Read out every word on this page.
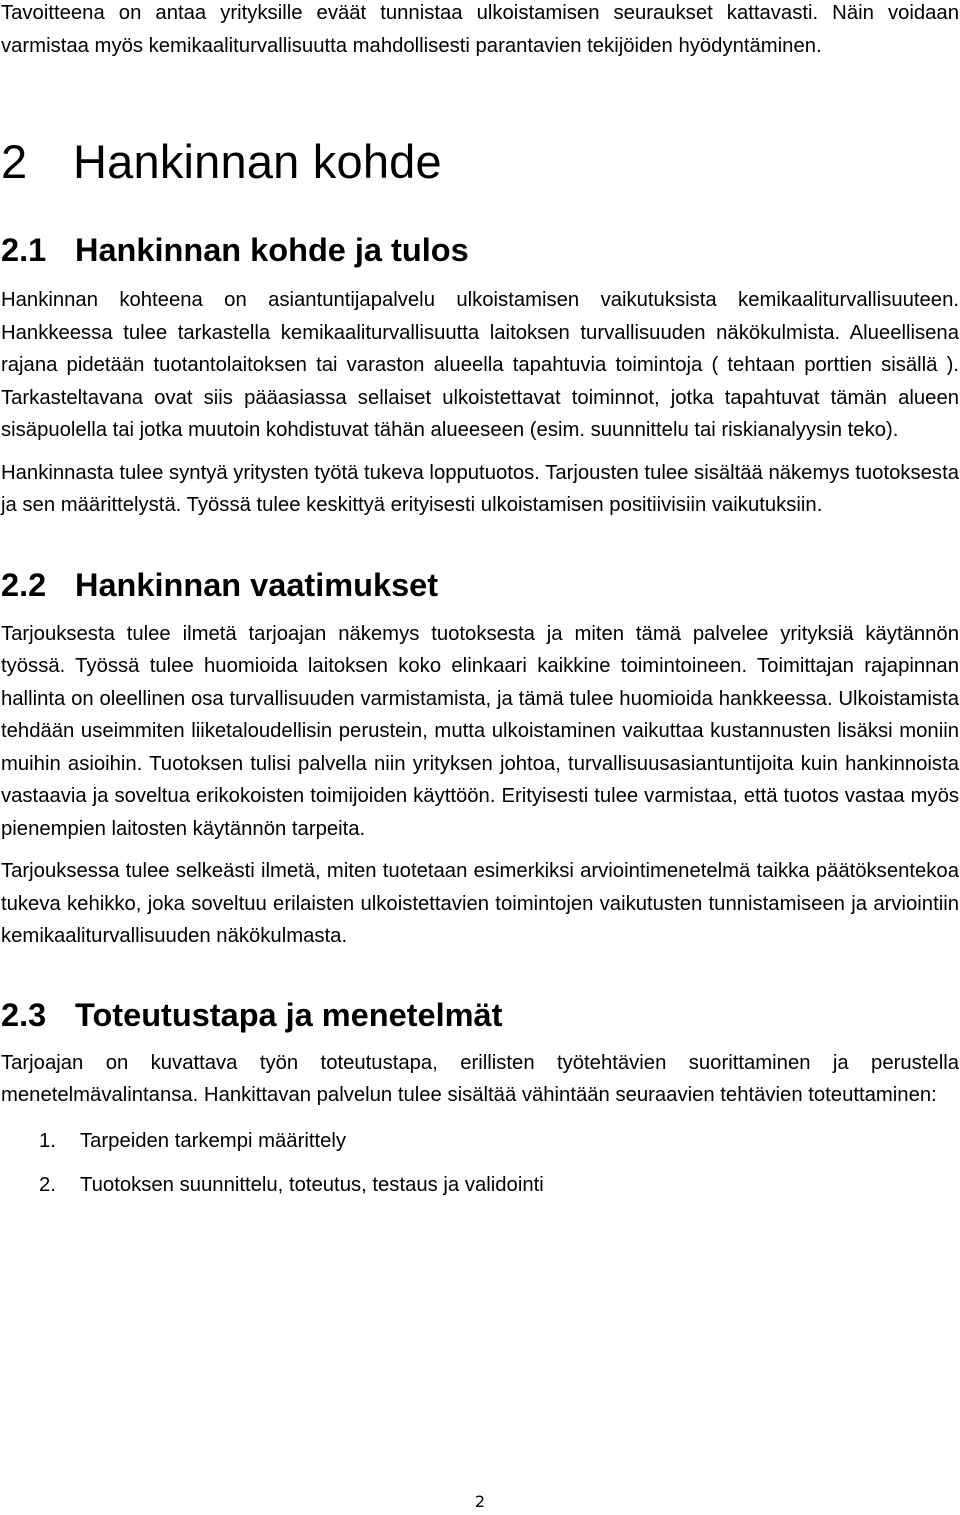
Tavoitteena on antaa yrityksille eväät tunnistaa ulkoistamisen seuraukset kattavasti. Näin voidaan varmistaa myös kemikaaliturvallisuutta mahdollisesti parantavien tekijöiden hyödyntäminen.

2 Hankinnan kohde
2.1 Hankinnan kohde ja tulos

Hankinnan kohteena on asiantuntijapalvelu ulkoistamisen vaikutuksista kemikaaliturvallisuuteen. Hankkeessa tulee tarkastella kemikaaliturvallisuutta laitoksen turvallisuuden näkökulmista. Alueellisena rajana pidetään tuotantolaitoksen tai varaston alueella tapahtuvia toimintoja ( tehtaan porttien sisällä ). Tarkasteltavana ovat siis pääasiassa sellaiset ulkoistettavat toiminnot, jotka tapahtuvat tämän alueen sisäpuolella tai jotka muutoin kohdistuvat tähän alueeseen (esim. suunnittelu tai riskianalyysin teko).

Hankinnasta tulee syntyä yritysten työtä tukeva lopputuotos. Tarjousten tulee sisältää näkemys tuotoksesta ja sen määrittelystä. Työssä tulee keskittyä erityisesti ulkoistamisen positiivisiin vaikutuksiin.

2.2 Hankinnan vaatimukset

Tarjouksesta tulee ilmetä tarjoajan näkemys tuotoksesta ja miten tämä palvelee yrityksiä käytännön työssä. Työssä tulee huomioida laitoksen koko elinkaari kaikkine toimintoineen. Toimittajan rajapinnan hallinta on oleellinen osa turvallisuuden varmistamista, ja tämä tulee huomioida hankkeessa. Ulkoistamista tehdään useimmiten liiketaloudellisin perustein, mutta ulkoistaminen vaikuttaa kustannusten lisäksi moniin muihin asioihin. Tuotoksen tulisi palvella niin yrityksen johtoa, turvallisuusasiantuntijoita kuin hankinnoista vastaavia ja soveltua erikokoisten toimijoiden käyttöön. Erityisesti tulee varmistaa, että tuotos vastaa myös pienempien laitosten käytännön tarpeita.

Tarjouksessa tulee selkeästi ilmetä, miten tuotetaan esimerkiksi arviointimenetelmä taikka päätöksentekoa tukeva kehikko, joka soveltuu erilaisten ulkoistettavien toimintojen vaikutusten tunnistamiseen ja arviointiin kemikaaliturvallisuuden näkökulmasta.

2.3 Toteutustapa ja menetelmät

Tarjoajan on kuvattava työn toteutustapa, erillisten työtehtävien suorittaminen ja perustella menetelmävalintansa. Hankittavan palvelun tulee sisältää vähintään seuraavien tehtävien toteuttaminen:

1. Tarpeiden tarkempi määrittely
2. Tuotoksen suunnittelu, toteutus, testaus ja validointi
2
